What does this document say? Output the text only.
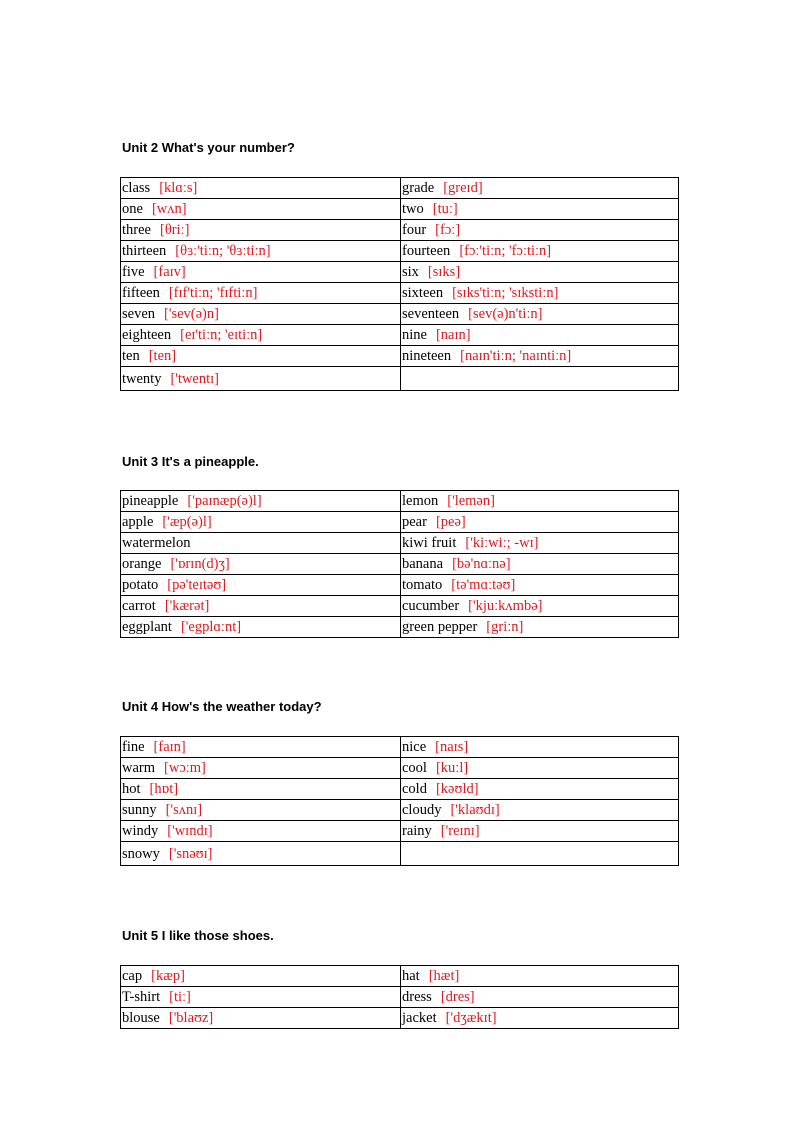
Unit 2 What's your number?
class [klɑːs]	grade [greɪd]
one [wʌn]	two [tuː]
three [θriː]	four [fɔː]
thirteen [θɜː'tiːn; 'θɜːtiːn]	fourteen [fɔː'tiːn; 'fɔːtiːn]
five [faɪv]	six [sɪks]
fifteen [fɪf'tiːn; 'fɪftiːn]	sixteen [sɪks'tiːn; 'sɪkstiːn]
seven ['sev(ə)n]	seventeen [sev(ə)n'tiːn]
eighteen [eɪ'tiːn; 'eɪtiːn]	nine [naɪn]
ten [ten]	nineteen [naɪn'tiːn; 'naɪntiːn]
twenty ['twentɪ]	
Unit 3 It's a pineapple.
pineapple ['paɪnæp(ə)l]	lemon ['lemən]
apple ['æp(ə)l]	pear [peə]
watermelon	kiwi fruit ['kiːwiː; -wɪ]
orange ['ɒrɪn(d)ʒ]	banana [bə'nɑːnə]
potato [pə'teɪtəʊ]	tomato [tə'mɑːtəʊ]
carrot ['kærət]	cucumber ['kjuːkʌmbə]
eggplant ['egplɑːnt]	green pepper [griːn]
Unit 4 How's the weather today?
fine [faɪn]	nice [naɪs]
warm [wɔːm]	cool [kuːl]
hot [hɒt]	cold [kəʊld]
sunny ['sʌnɪ]	cloudy ['klaʊdɪ]
windy ['wɪndɪ]	rainy ['reɪnɪ]
snowy ['snəʊɪ]	
Unit 5 I like those shoes.
cap [kæp]	hat [hæt]
T-shirt [tiː]	dress [dres]
blouse ['blaʊz]	jacket ['dʒækɪt]
